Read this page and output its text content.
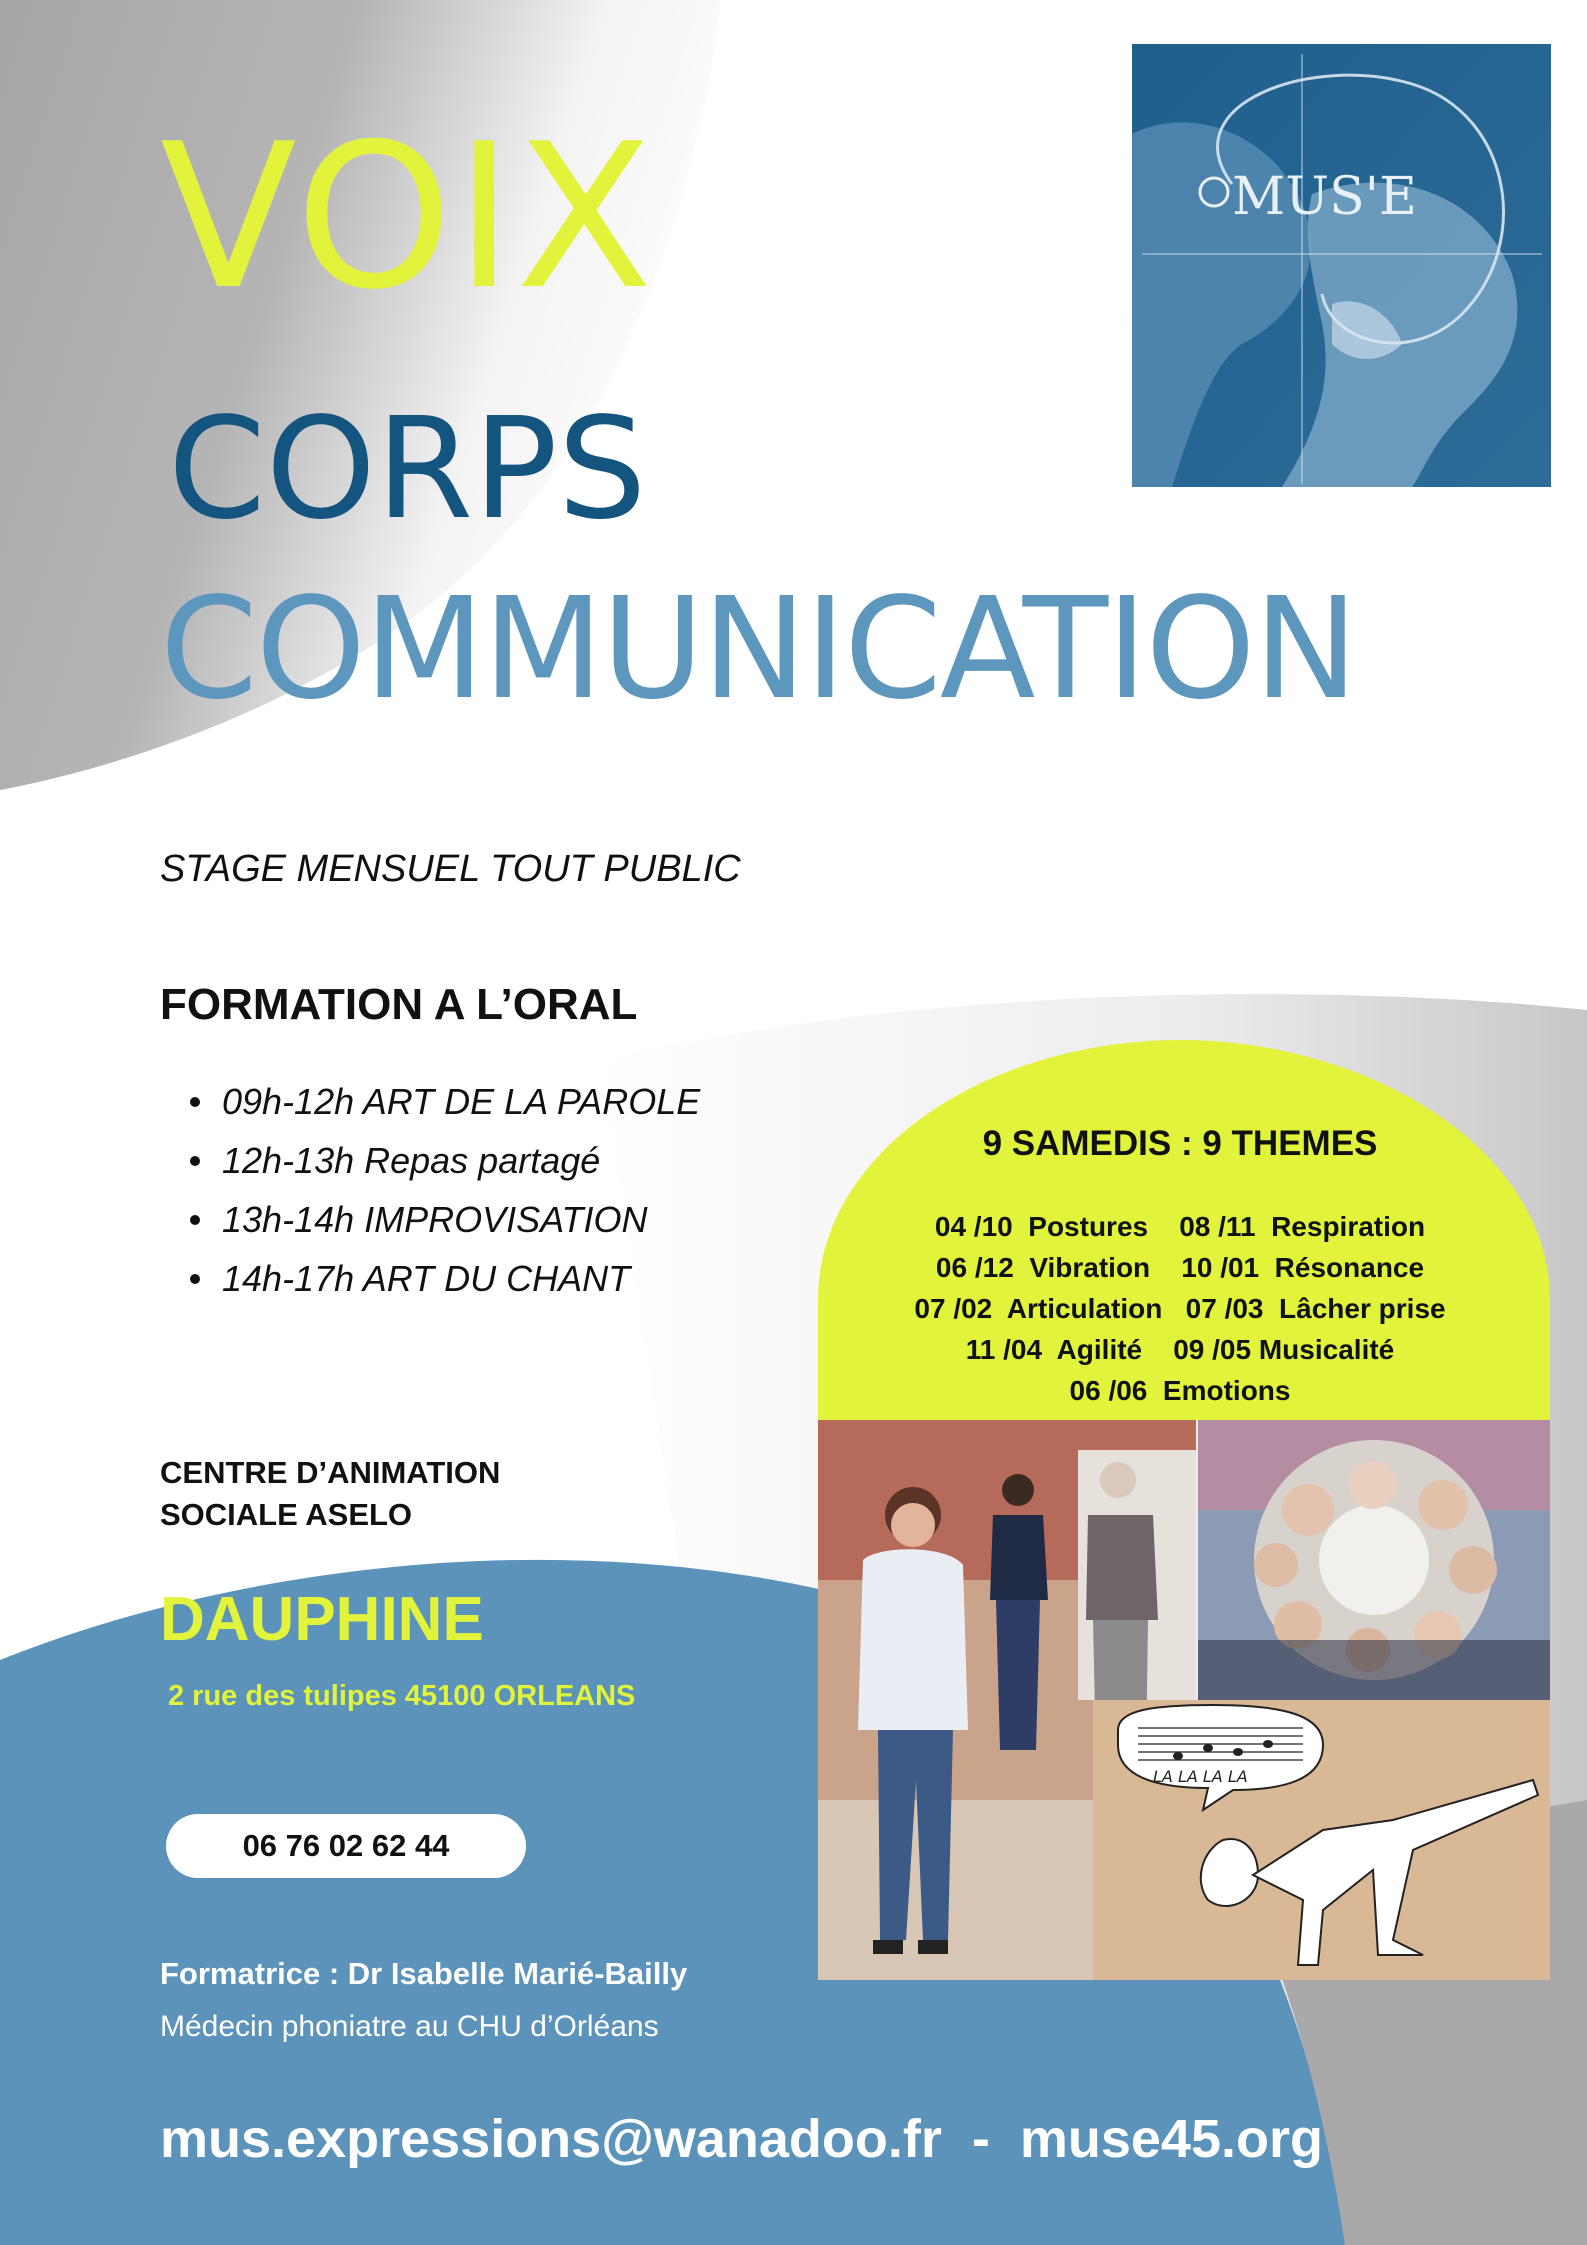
MUS'E
VOIX
CORPS
COMMUNICATION
STAGE MENSUEL TOUT PUBLIC
FORMATION A L’ORAL
09h-12h ART DE LA PAROLE
12h-13h Repas partagé
13h-14h IMPROVISATION
14h-17h ART DU CHANT
9 SAMEDIS : 9 THEMES
04 /10  Postures    08 /11  Respiration
06 /12  Vibration    10 /01  Résonance
07 /02  Articulation   07 /03  Lâcher prise
11 /04  Agilité    09 /05 Musicalité
06 /06  Emotions
LA LA LA LA
CENTRE D’ANIMATION
SOCIALE ASELO
DAUPHINE
2 rue des tulipes 45100 ORLEANS
06 76 02 62 44
Formatrice : Dr Isabelle Marié-Bailly
Médecin phoniatre au CHU d’Orléans
mus.expressions@wanadoo.fr  -  muse45.org
